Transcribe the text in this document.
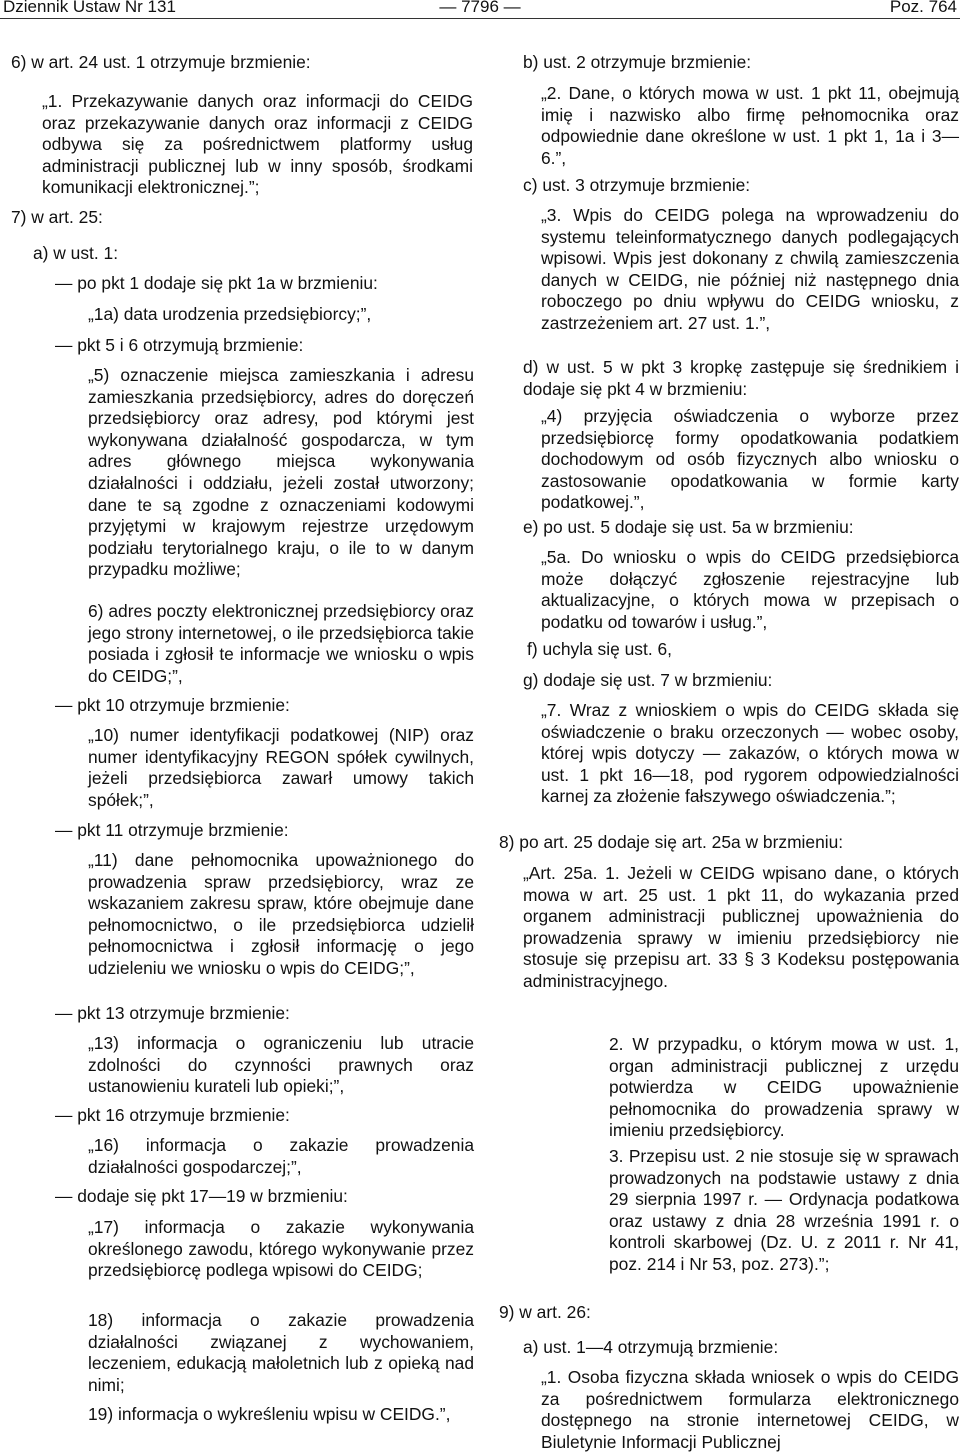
Dziennik Ustaw Nr 131	— 7796 —	Poz. 764
6) w art. 24 ust. 1 otrzymuje brzmienie:
„1. Przekazywanie danych oraz informacji do CEIDG oraz przekazywanie danych oraz informacji z CEIDG odbywa się za pośrednictwem platformy usług administracji publicznej lub w inny sposób, środkami komunikacji elektronicznej.”;
7) w art. 25:
a) w ust. 1:
— po pkt 1 dodaje się pkt 1a w brzmieniu:
„1a) data urodzenia przedsiębiorcy;”,
— pkt 5 i 6 otrzymują brzmienie:
„5) oznaczenie miejsca zamieszkania i adresu zamieszkania przedsiębiorcy, adres do doręczeń przedsiębiorcy oraz adresy, pod którymi jest wykonywana działalność gospodarcza, w tym adres głównego miejsca wykonywania działalności i oddziału, jeżeli został utworzony; dane te są zgodne z oznaczeniami kodowymi przyjętymi w krajowym rejestrze urzędowym podziału terytorialnego kraju, o ile to w danym przypadku możliwe;
6) adres poczty elektronicznej przedsiębiorcy oraz jego strony internetowej, o ile przedsiębiorca takie posiada i zgłosił te informacje we wniosku o wpis do CEIDG;”,
— pkt 10 otrzymuje brzmienie:
„10) numer identyfikacji podatkowej (NIP) oraz numer identyfikacyjny REGON spółek cywilnych, jeżeli przedsiębiorca zawarł umowy takich spółek;”,
— pkt 11 otrzymuje brzmienie:
„11) dane pełnomocnika upoważnionego do prowadzenia spraw przedsiębiorcy, wraz ze wskazaniem zakresu spraw, które obejmuje dane pełnomocnictwo, o ile przedsiębiorca udzielił pełnomocnictwa i zgłosił informację o jego udzieleniu we wniosku o wpis do CEIDG;”,
— pkt 13 otrzymuje brzmienie:
„13) informacja o ograniczeniu lub utracie zdolności do czynności prawnych oraz ustanowieniu kurateli lub opieki;”,
— pkt 16 otrzymuje brzmienie:
„16) informacja o zakazie prowadzenia działalności gospodarczej;”,
— dodaje się pkt 17—19 w brzmieniu:
„17) informacja o zakazie wykonywania określonego zawodu, którego wykonywanie przez przedsiębiorcę podlega wpisowi do CEIDG;
18) informacja o zakazie prowadzenia działalności związanej z wychowaniem, leczeniem, edukacją małoletnich lub z opieką nad nimi;
19) informacja o wykreśleniu wpisu w CEIDG.”,
b) ust. 2 otrzymuje brzmienie:
„2. Dane, o których mowa w ust. 1 pkt 11, obejmują imię i nazwisko albo firmę pełnomocnika oraz odpowiednie dane określone w ust. 1 pkt 1, 1a i 3—6.”,
c) ust. 3 otrzymuje brzmienie:
„3. Wpis do CEIDG polega na wprowadzeniu do systemu teleinformatycznego danych podlegających wpisowi. Wpis jest dokonany z chwilą zamieszczenia danych w CEIDG, nie później niż następnego dnia roboczego po dniu wpływu do CEIDG wniosku, z zastrzeżeniem art. 27 ust. 1.”,
d) w ust. 5 w pkt 3 kropkę zastępuje się średnikiem i dodaje się pkt 4 w brzmieniu:
„4) przyjęcia oświadczenia o wyborze przez przedsiębiorcę formy opodatkowania podatkiem dochodowym od osób fizycznych albo wniosku o zastosowanie opodatkowania w formie karty podatkowej.”,
e) po ust. 5 dodaje się ust. 5a w brzmieniu:
„5a. Do wniosku o wpis do CEIDG przedsiębiorca może dołączyć zgłoszenie rejestracyjne lub aktualizacyjne, o których mowa w przepisach o podatku od towarów i usług.”,
f) uchyla się ust. 6,
g) dodaje się ust. 7 w brzmieniu:
„7. Wraz z wnioskiem o wpis do CEIDG składa się oświadczenie o braku orzeczonych — wobec osoby, której wpis dotyczy — zakazów, o których mowa w ust. 1 pkt 16—18, pod rygorem odpowiedzialności karnej za złożenie fałszywego oświadczenia.”;
8) po art. 25 dodaje się art. 25a w brzmieniu:
„Art. 25a. 1. Jeżeli w CEIDG wpisano dane, o których mowa w art. 25 ust. 1 pkt 11, do wykazania przed organem administracji publicznej upoważnienia do prowadzenia sprawy w imieniu przedsiębiorcy nie stosuje się przepisu art. 33 § 3 Kodeksu postępowania administracyjnego.
2. W przypadku, o którym mowa w ust. 1, organ administracji publicznej z urzędu potwierdza w CEIDG upoważnienie pełnomocnika do prowadzenia sprawy w imieniu przedsiębiorcy.
3. Przepisu ust. 2 nie stosuje się w sprawach prowadzonych na podstawie ustawy z dnia 29 sierpnia 1997 r. — Ordynacja podatkowa oraz ustawy z dnia 28 września 1991 r. o kontroli skarbowej (Dz. U. z 2011 r. Nr 41, poz. 214 i Nr 53, poz. 273).”;
9) w art. 26:
a) ust. 1—4 otrzymują brzmienie:
„1. Osoba fizyczna składa wniosek o wpis do CEIDG za pośrednictwem formularza elektronicznego dostępnego na stronie internetowej CEIDG, w Biuletynie Informacji Publicznej
